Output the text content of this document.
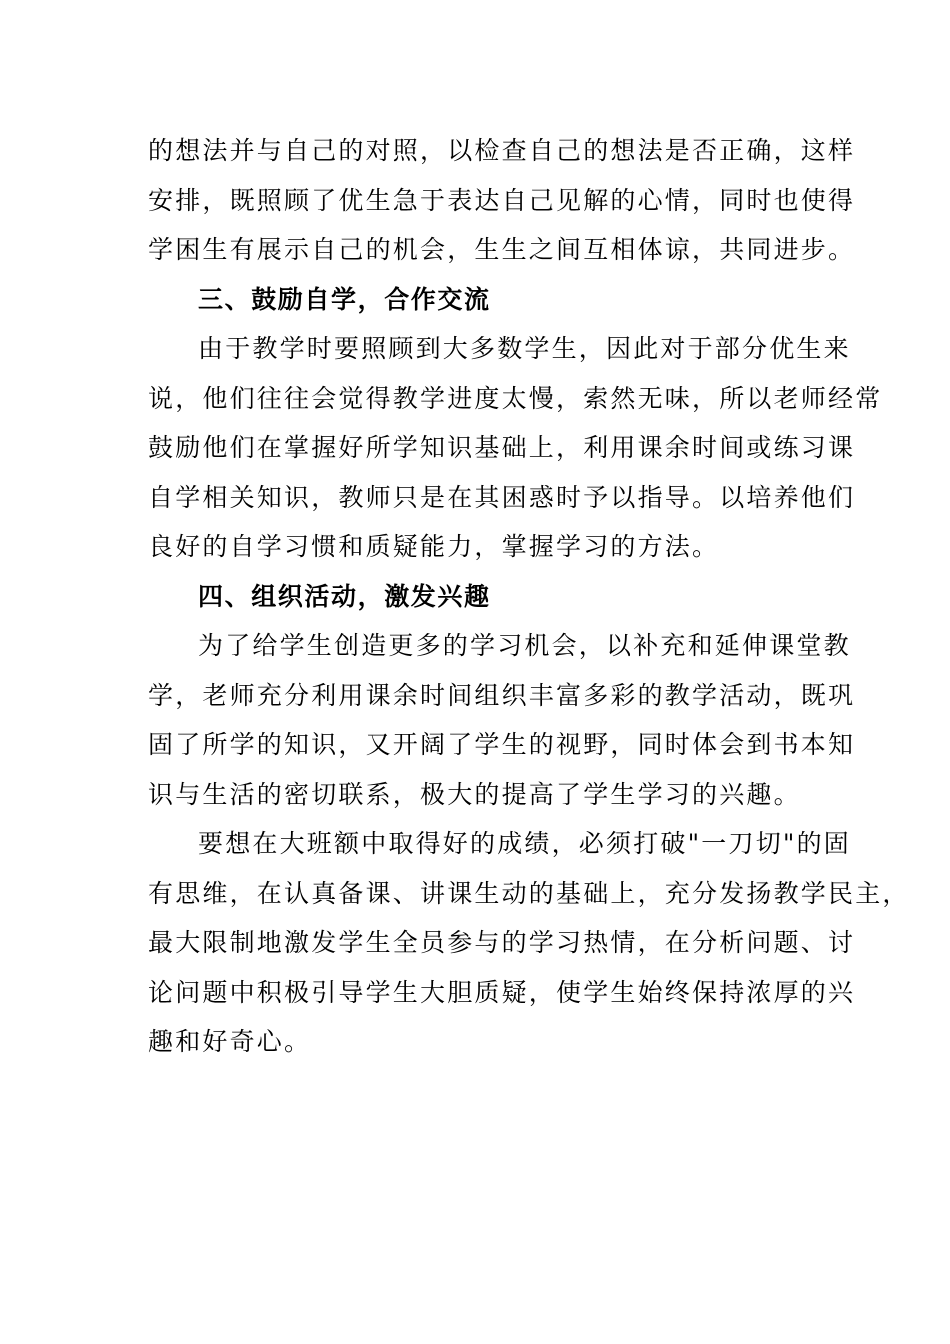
的想法并与自己的对照，以检查自己的想法是否正确，这样
安排，既照顾了优生急于表达自己见解的心情，同时也使得
学困生有展示自己的机会，生生之间互相体谅，共同进步。
三、鼓励自学，合作交流
由于教学时要照顾到大多数学生，因此对于部分优生来
说，他们往往会觉得教学进度太慢，索然无味，所以老师经常
鼓励他们在掌握好所学知识基础上，利用课余时间或练习课
自学相关知识，教师只是在其困惑时予以指导。以培养他们
良好的自学习惯和质疑能力，掌握学习的方法。
四、组织活动，激发兴趣
为了给学生创造更多的学习机会，以补充和延伸课堂教
学，老师充分利用课余时间组织丰富多彩的教学活动，既巩
固了所学的知识，又开阔了学生的视野，同时体会到书本知
识与生活的密切联系，极大的提高了学生学习的兴趣。
要想在大班额中取得好的成绩，必须打破"一刀切"的固
有思维，在认真备课、讲课生动的基础上，充分发扬教学民主，
最大限制地激发学生全员参与的学习热情，在分析问题、讨
论问题中积极引导学生大胆质疑，使学生始终保持浓厚的兴
趣和好奇心。
